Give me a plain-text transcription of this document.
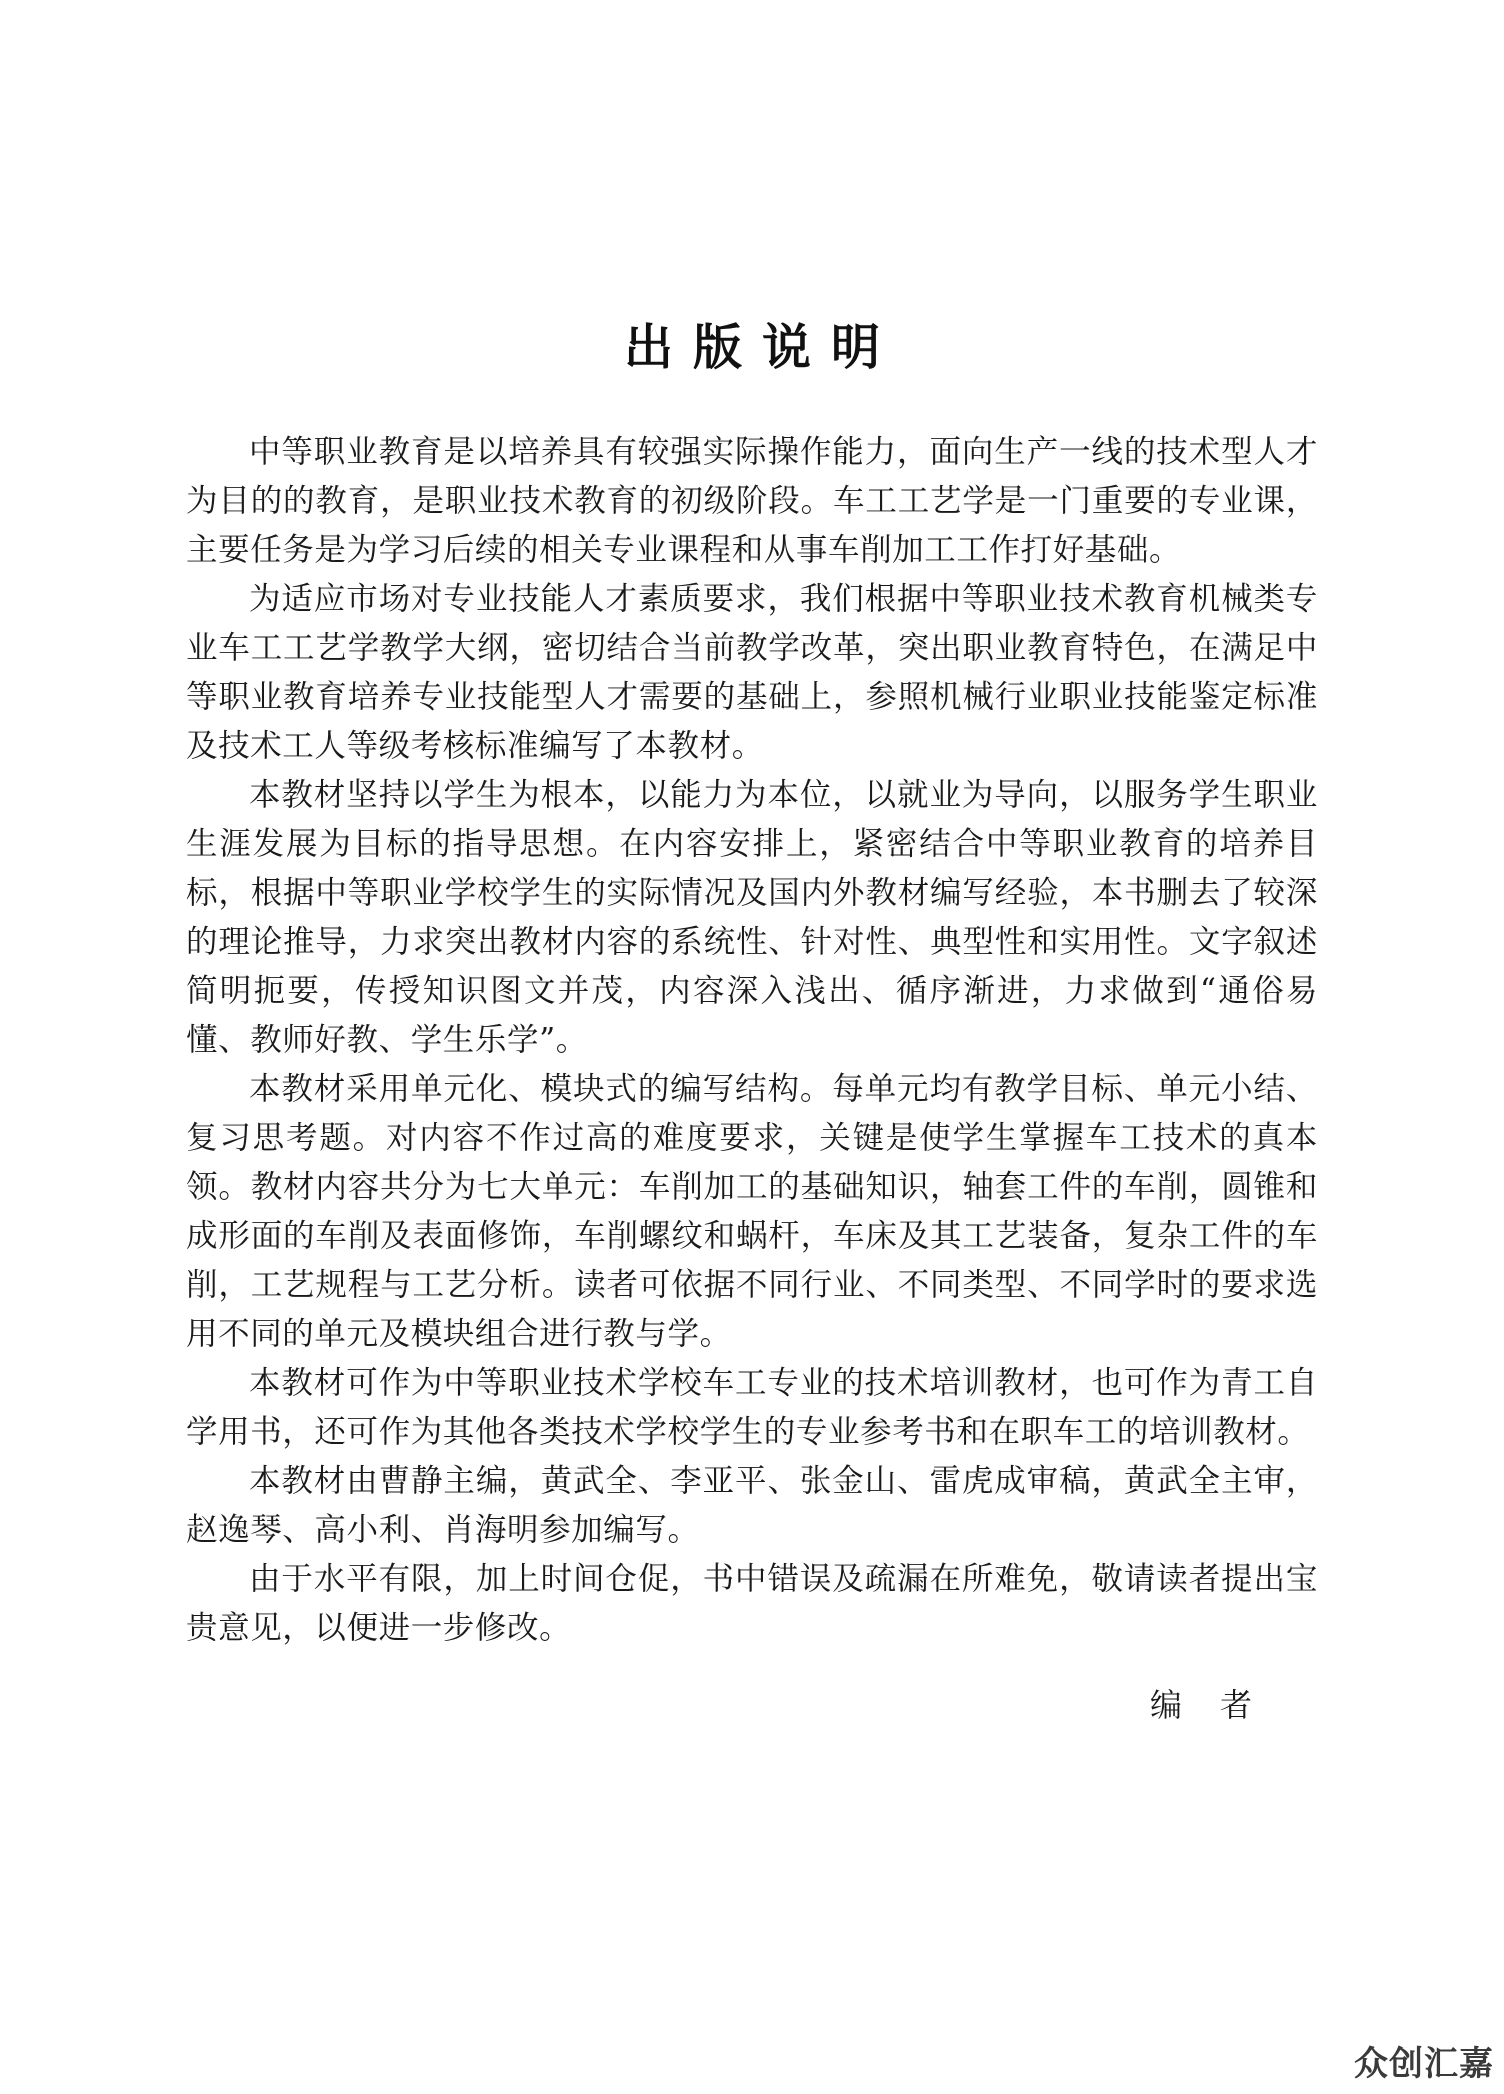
出版说明

中等职业教育是以培养具有较强实际操作能力，面向生产一线的技术型人才为目的的教育，是职业技术教育的初级阶段。车工工艺学是一门重要的专业课，主要任务是为学习后续的相关专业课程和从事车削加工工作打好基础。

为适应市场对专业技能人才素质要求，我们根据中等职业技术教育机械类专业车工工艺学教学大纲，密切结合当前教学改革，突出职业教育特色，在满足中等职业教育培养专业技能型人才需要的基础上，参照机械行业职业技能鉴定标准及技术工人等级考核标准编写了本教材。

本教材坚持以学生为根本，以能力为本位，以就业为导向，以服务学生职业生涯发展为目标的指导思想。在内容安排上，紧密结合中等职业教育的培养目标，根据中等职业学校学生的实际情况及国内外教材编写经验，本书删去了较深的理论推导，力求突出教材内容的系统性、针对性、典型性和实用性。文字叙述简明扼要，传授知识图文并茂，内容深入浅出、循序渐进，力求做到“通俗易懂、教师好教、学生乐学”。

本教材采用单元化、模块式的编写结构。每单元均有教学目标、单元小结、复习思考题。对内容不作过高的难度要求，关键是使学生掌握车工技术的真本领。教材内容共分为七大单元：车削加工的基础知识，轴套工件的车削，圆锥和成形面的车削及表面修饰，车削螺纹和蜗杆，车床及其工艺装备，复杂工件的车削，工艺规程与工艺分析。读者可依据不同行业、不同类型、不同学时的要求选用不同的单元及模块组合进行教与学。

本教材可作为中等职业技术学校车工专业的技术培训教材，也可作为青工自学用书，还可作为其他各类技术学校学生的专业参考书和在职车工的培训教材。

本教材由曹静主编，黄武全、李亚平、张金山、雷虎成审稿，黄武全主审，赵逸琴、高小利、肖海明参加编写。

由于水平有限，加上时间仓促，书中错误及疏漏在所难免，敬请读者提出宝贵意见，以便进一步修改。

编者
众创汇嘉
